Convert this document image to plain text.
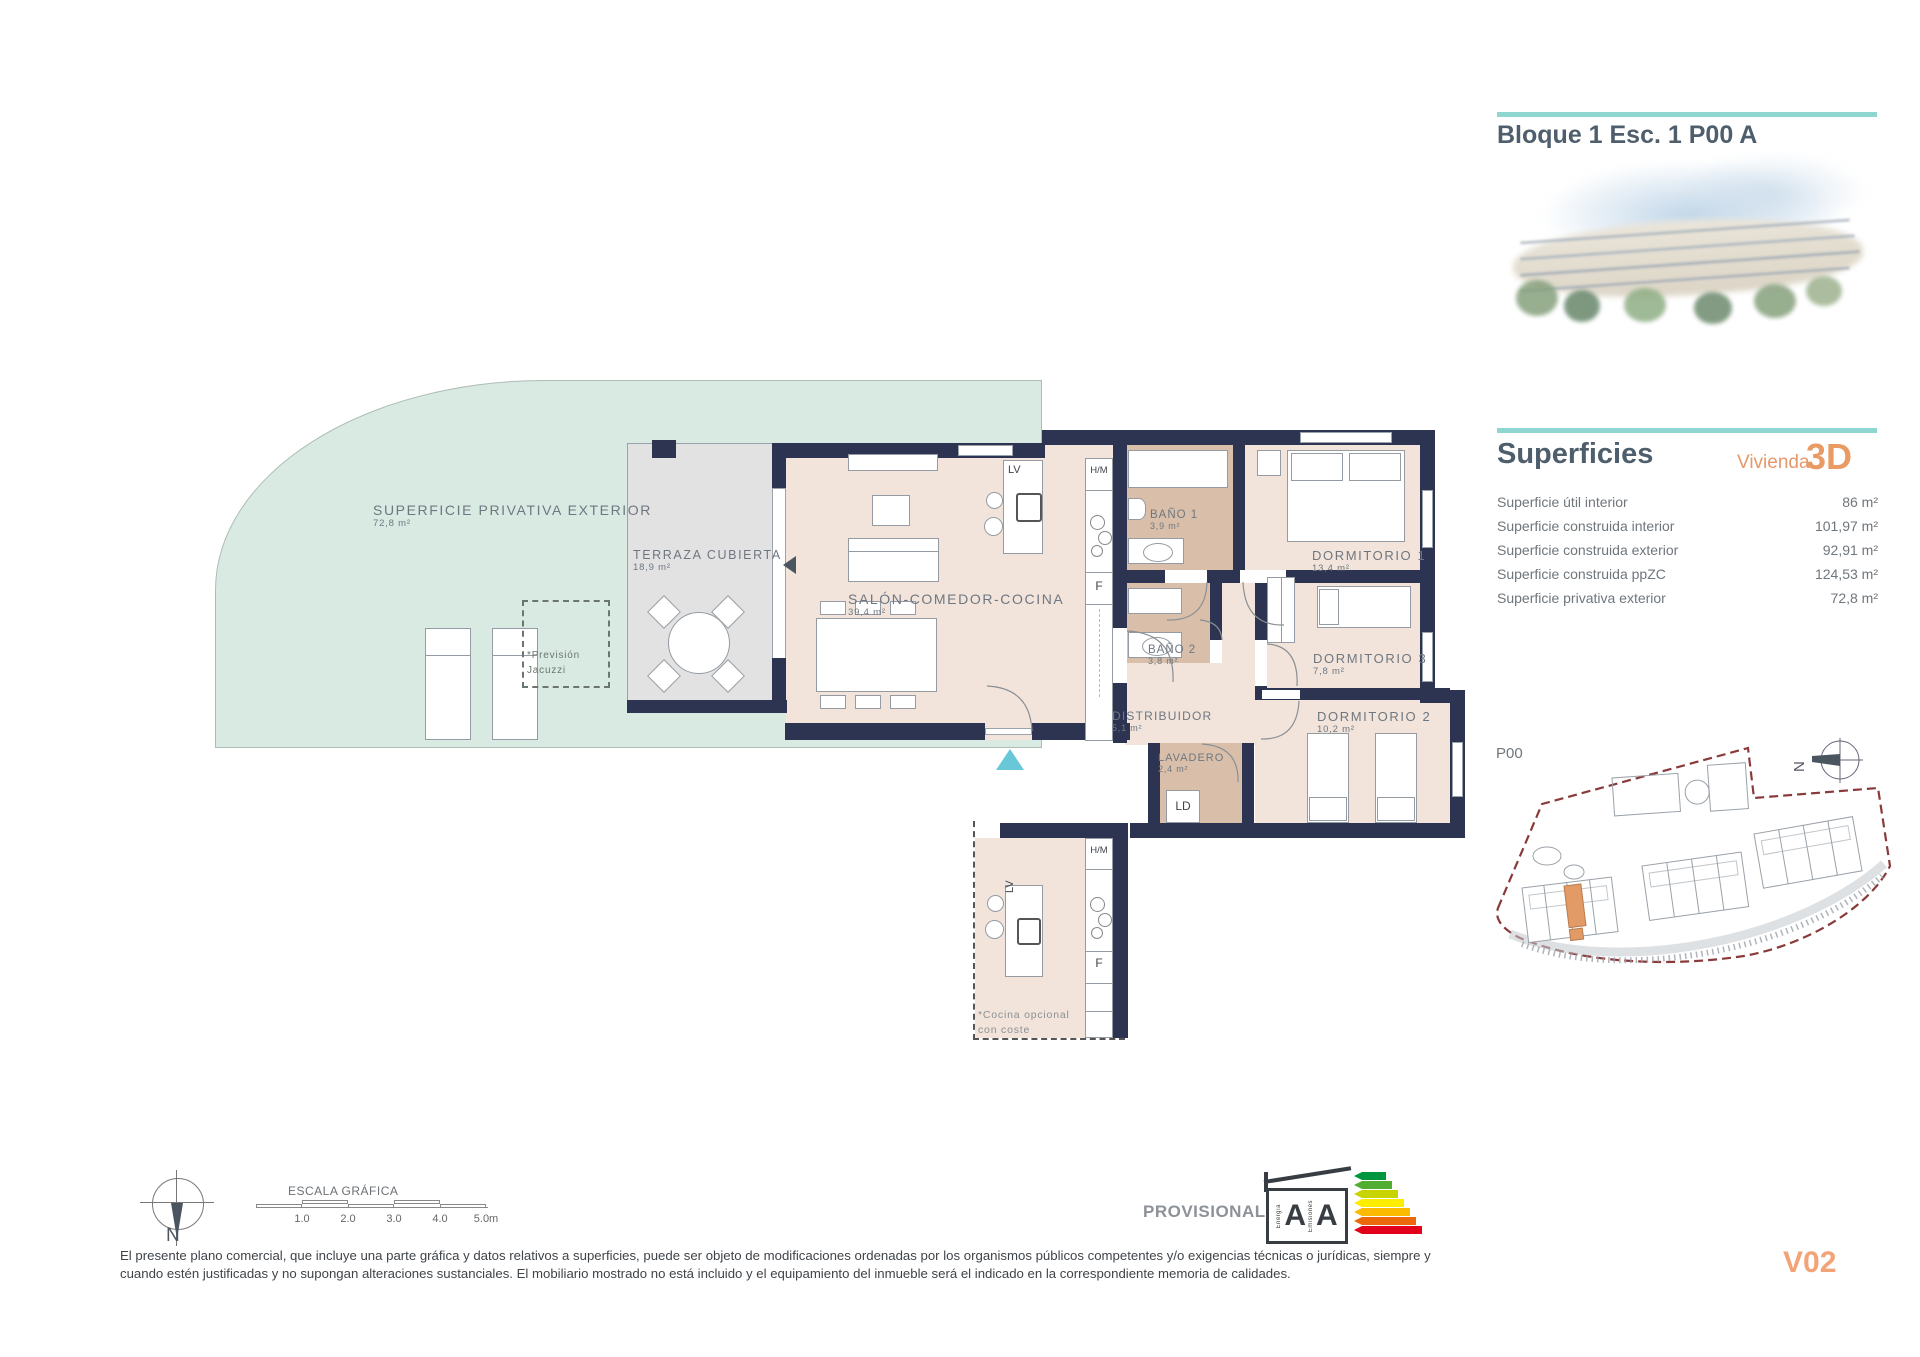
SUPERFICIE PRIVATIVA EXTERIOR
72,8 m²
*Previsión
Jacuzzi
TERRAZA CUBIERTA
18,9 m²
LV	H/M
F
LD
SALÓN-COMEDOR-COCINA
39,4 m²
BAÑO 1
3,9 m²
BAÑO 2
3,8 m²
DORMITORIO 1
13,4 m²
DORMITORIO 3
7,8 m²
DORMITORIO 2
10,2 m²
DISTRIBUIDOR
5,1 m²
LAVADERO
2,4 m²
LV
H/M
F
*Cocina opcional
con coste
Bloque 1 Esc. 1 P00 A
Superficies	Vivienda
3D
Superficie útil interior	86 m²
Superficie construida interior	101,97 m²
Superficie construida exterior	92,91 m²
Superficie construida ppZC	124,53 m²
Superficie privativa exterior	72,8 m²
P00
N
V02
N
ESCALA GRÁFICA
1.0	2.0	3.0	4.0 5.0m	PROVISIONAL Energía A Emisiones A
El presente plano comercial, que incluye una parte gráfica y datos relativos a superficies, puede ser objeto de modificaciones ordenadas por los organismos públicos competentes y/o exigencias técnicas o jurídicas, siempre y
cuando estén justificadas y no supongan alteraciones sustanciales. El mobiliario mostrado no está incluido y el equipamiento del inmueble será el indicado en la correspondiente memoria de calidades.
